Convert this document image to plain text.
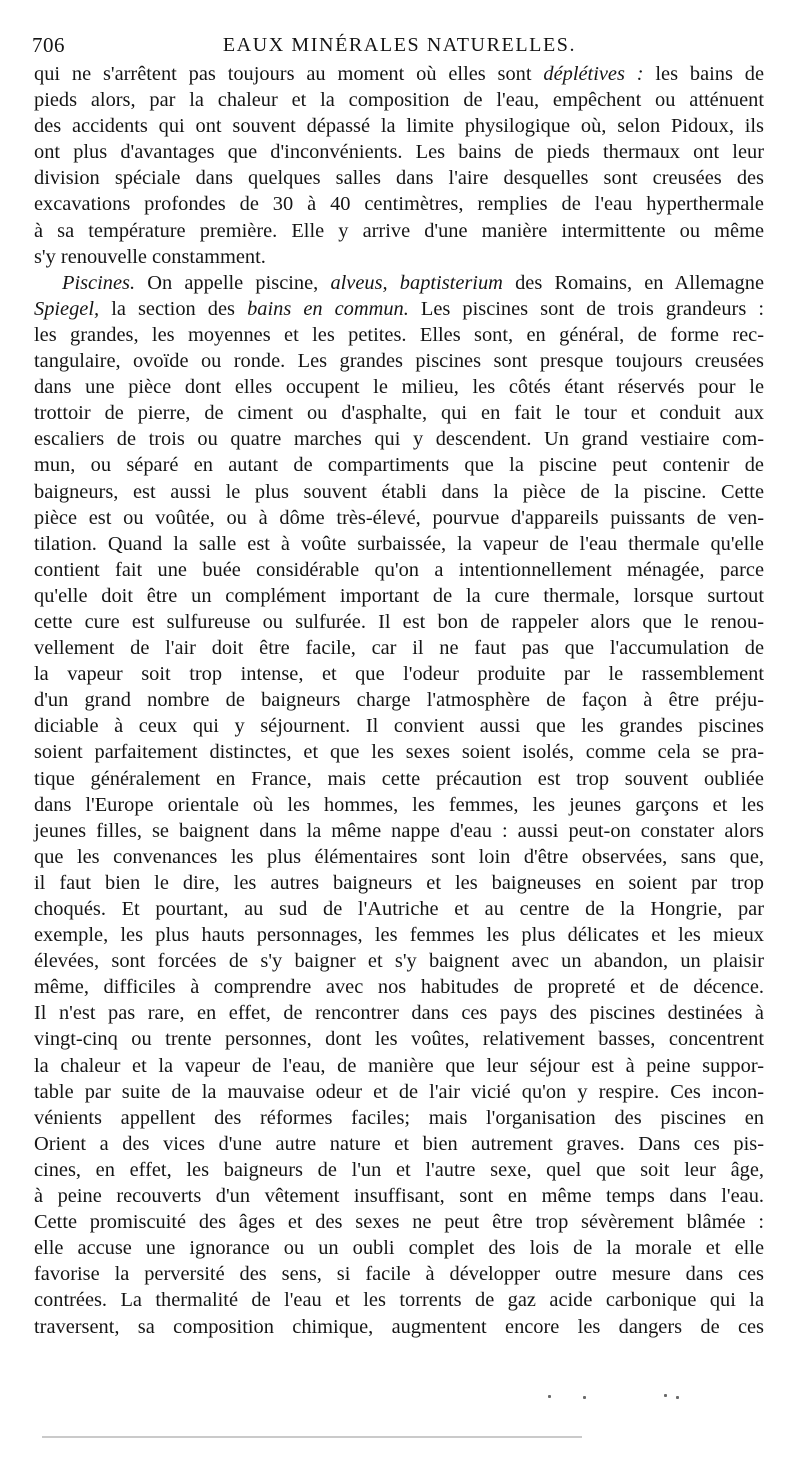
706	EAUX MINÉRALES NATURELLES.
qui ne s'arrêtent pas toujours au moment où elles sont déplétives : les bains de
pieds alors, par la chaleur et la composition de l'eau, empêchent ou atténuent
des accidents qui ont souvent dépassé la limite physilogique où, selon Pidoux, ils
ont plus d'avantages que d'inconvénients. Les bains de pieds thermaux ont leur
division spéciale dans quelques salles dans l'aire desquelles sont creusées des
excavations profondes de 30 à 40 centimètres, remplies de l'eau hyperthermale
à sa température première. Elle y arrive d'une manière intermittente ou même
s'y renouvelle constamment.
Piscines. On appelle piscine, alveus, baptisterium des Romains, en Allemagne
Spiegel, la section des bains en commun. Les piscines sont de trois grandeurs :
les grandes, les moyennes et les petites. Elles sont, en général, de forme rec-
tangulaire, ovoïde ou ronde. Les grandes piscines sont presque toujours creusées
dans une pièce dont elles occupent le milieu, les côtés étant réservés pour le
trottoir de pierre, de ciment ou d'asphalte, qui en fait le tour et conduit aux
escaliers de trois ou quatre marches qui y descendent. Un grand vestiaire com-
mun, ou séparé en autant de compartiments que la piscine peut contenir de
baigneurs, est aussi le plus souvent établi dans la pièce de la piscine. Cette
pièce est ou voûtée, ou à dôme très-élevé, pourvue d'appareils puissants de ven-
tilation. Quand la salle est à voûte surbaissée, la vapeur de l'eau thermale qu'elle
contient fait une buée considérable qu'on a intentionnellement ménagée, parce
qu'elle doit être un complément important de la cure thermale, lorsque surtout
cette cure est sulfureuse ou sulfurée. Il est bon de rappeler alors que le renou-
vellement de l'air doit être facile, car il ne faut pas que l'accumulation de
la vapeur soit trop intense, et que l'odeur produite par le rassemblement
d'un grand nombre de baigneurs charge l'atmosphère de façon à être préju-
diciable à ceux qui y séjournent. Il convient aussi que les grandes piscines
soient parfaitement distinctes, et que les sexes soient isolés, comme cela se pra-
tique généralement en France, mais cette précaution est trop souvent oubliée
dans l'Europe orientale où les hommes, les femmes, les jeunes garçons et les
jeunes filles, se baignent dans la même nappe d'eau : aussi peut-on constater alors
que les convenances les plus élémentaires sont loin d'être observées, sans que,
il faut bien le dire, les autres baigneurs et les baigneuses en soient par trop
choqués. Et pourtant, au sud de l'Autriche et au centre de la Hongrie, par
exemple, les plus hauts personnages, les femmes les plus délicates et les mieux
élevées, sont forcées de s'y baigner et s'y baignent avec un abandon, un plaisir
même, difficiles à comprendre avec nos habitudes de propreté et de décence.
Il n'est pas rare, en effet, de rencontrer dans ces pays des piscines destinées à
vingt-cinq ou trente personnes, dont les voûtes, relativement basses, concentrent
la chaleur et la vapeur de l'eau, de manière que leur séjour est à peine suppor-
table par suite de la mauvaise odeur et de l'air vicié qu'on y respire. Ces incon-
vénients appellent des réformes faciles; mais l'organisation des piscines en
Orient a des vices d'une autre nature et bien autrement graves. Dans ces pis-
cines, en effet, les baigneurs de l'un et l'autre sexe, quel que soit leur âge,
à peine recouverts d'un vêtement insuffisant, sont en même temps dans l'eau.
Cette promiscuité des âges et des sexes ne peut être trop sévèrement blâmée :
elle accuse une ignorance ou un oubli complet des lois de la morale et elle
favorise la perversité des sens, si facile à développer outre mesure dans ces
contrées. La thermalité de l'eau et les torrents de gaz acide carbonique qui la
traversent, sa composition chimique, augmentent encore les dangers de ces
